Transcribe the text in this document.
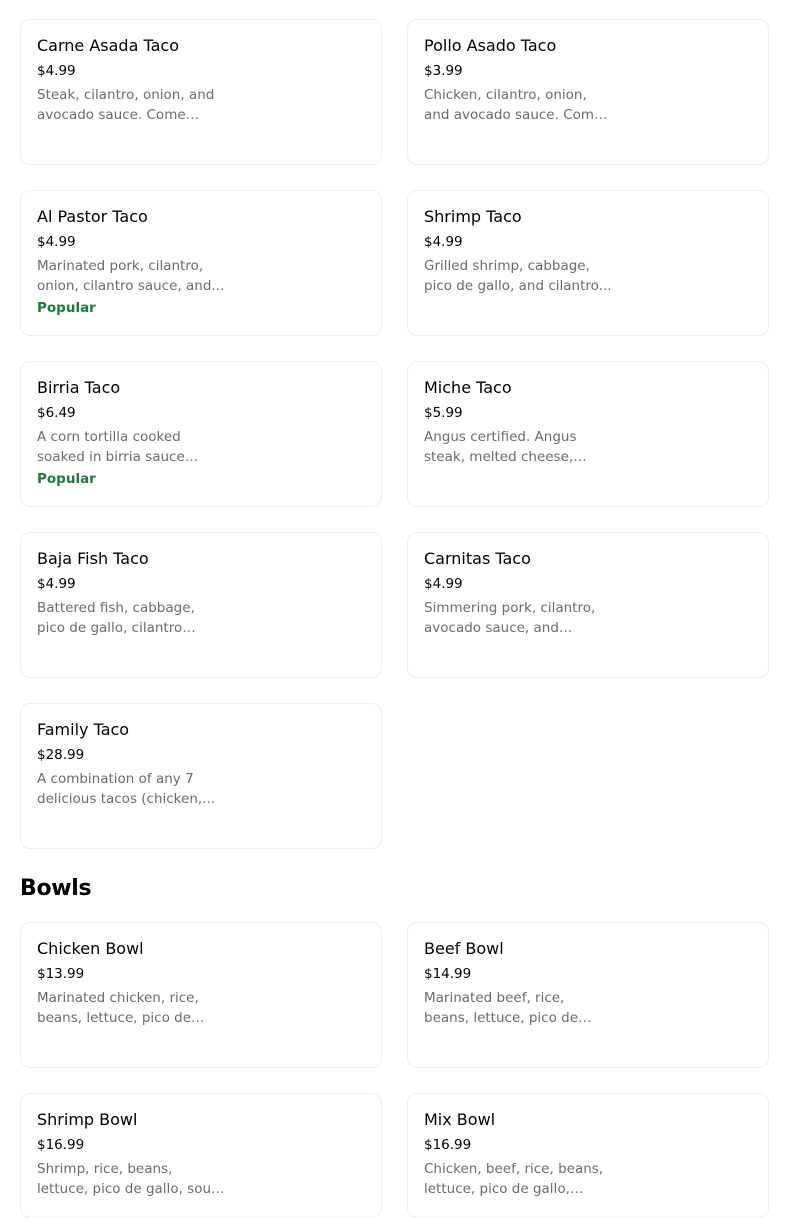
Carne Asada Taco
$4.99
Steak, cilantro, onion, and avocado sauce. Come
Pollo Asado Taco
$3.99
Chicken, cilantro, onion, and avocado sauce. Come
Al Pastor Taco
$4.99
Marinated pork, cilantro, onion, cilantro sauce, and...
Popular
Shrimp Taco
$4.99
Grilled shrimp, cabbage, pico de gallo, and cilantro...
Birria Taco
$6.49
A corn tortilla cooked soaked in birria sauce
Popular
Miche Taco
$5.99
Angus certified. Angus steak, melted cheese,
Baja Fish Taco
$4.99
Battered fish, cabbage, pico de gallo, cilantro
Carnitas Taco
$4.99
Simmering pork, cilantro, avocado sauce, and
Family Taco
$28.99
A combination of any 7 delicious tacos (chicken,...
Bowls
Chicken Bowl
$13.99
Marinated chicken, rice, beans, lettuce, pico de
Beef Bowl
$14.99
Marinated beef, rice, beans, lettuce, pico de
Shrimp Bowl
$16.99
Shrimp, rice, beans, lettuce, pico de gallo, sour
Mix Bowl
$16.99
Chicken, beef, rice, beans, lettuce, pico de gallo,
